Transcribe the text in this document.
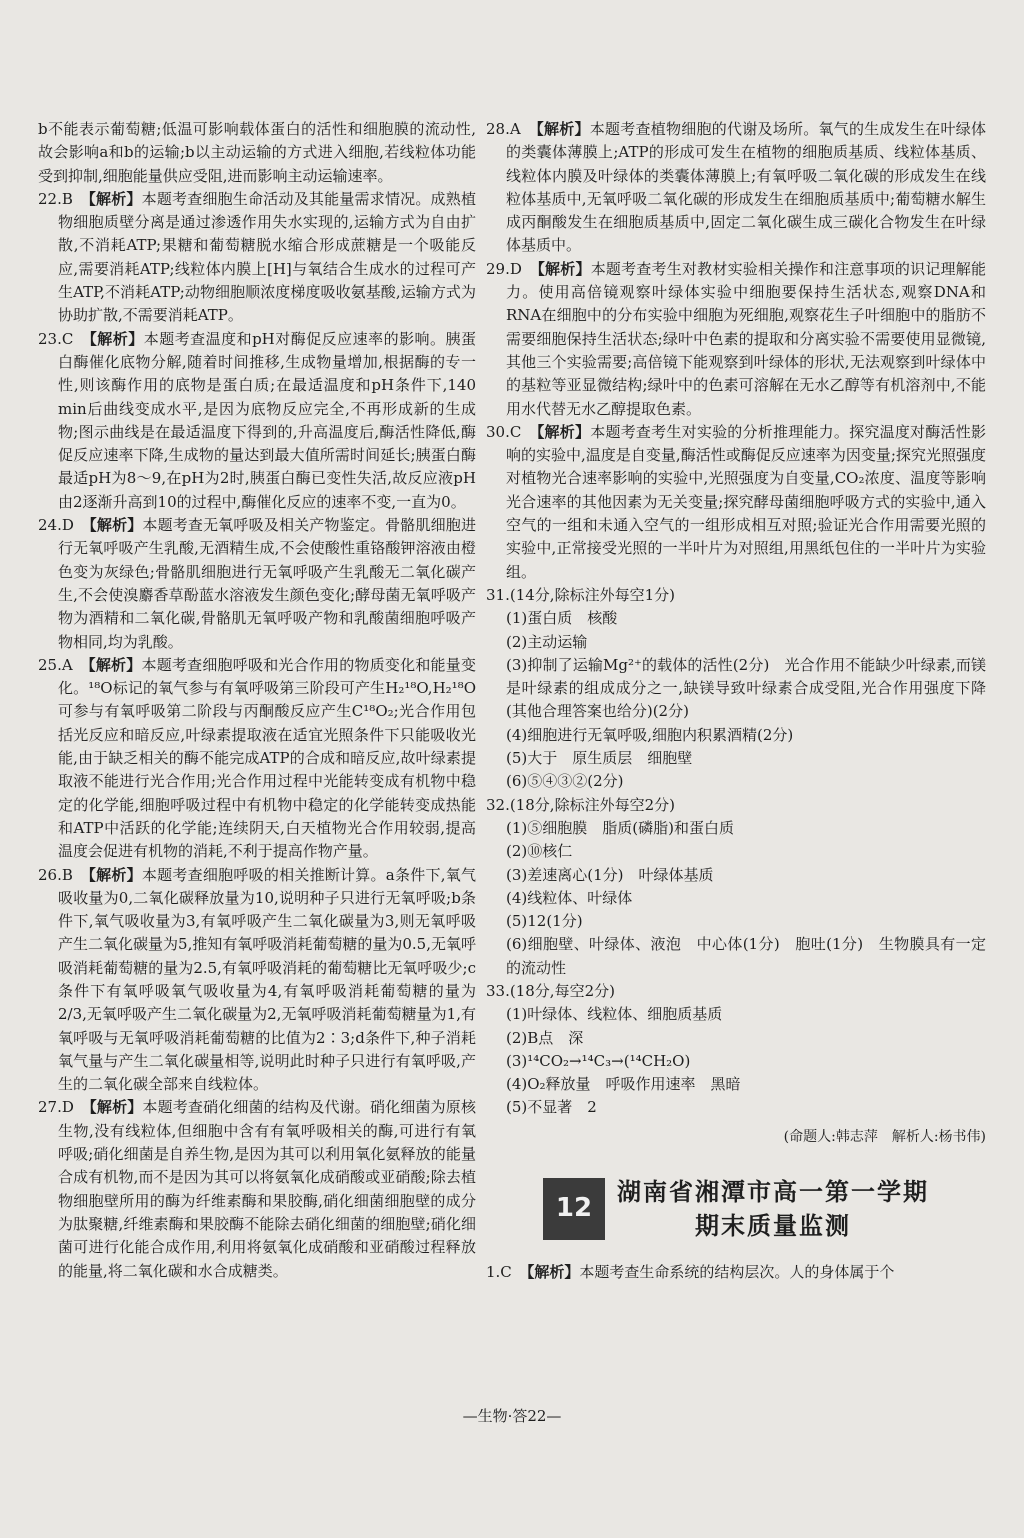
b不能表示葡萄糖;低温可影响载体蛋白的活性和细胞膜的流动性,故会影响a和b的运输;b以主动运输的方式进入细胞,若线粒体功能受到抑制,细胞能量供应受阻,进而影响主动运输速率。

22.B　 【解析】本题考查细胞生命活动及其能量需求情况。成熟植物细胞质壁分离是通过渗透作用失水实现的,运输方式为自由扩散,不消耗ATP;果糖和葡萄糖脱水缩合形成蔗糖是一个吸能反应,需要消耗ATP;线粒体内膜上[H]与氧结合生成水的过程可产生ATP,不消耗ATP;动物细胞顺浓度梯度吸收氨基酸,运输方式为协助扩散,不需要消耗ATP。

23.C　 【解析】本题考查温度和pH对酶促反应速率的影响。胰蛋白酶催化底物分解,随着时间推移,生成物量增加,根据酶的专一性,则该酶作用的底物是蛋白质;在最适温度和pH条件下,140 min后曲线变成水平,是因为底物反应完全,不再形成新的生成物;图示曲线是在最适温度下得到的,升高温度后,酶活性降低,酶促反应速率下降,生成物的量达到最大值所需时间延长;胰蛋白酶最适pH为8～9,在pH为2时,胰蛋白酶已变性失活,故反应液pH由2逐渐升高到10的过程中,酶催化反应的速率不变,一直为0。

24.D　 【解析】本题考查无氧呼吸及相关产物鉴定。骨骼肌细胞进行无氧呼吸产生乳酸,无酒精生成,不会使酸性重铬酸钾溶液由橙色变为灰绿色;骨骼肌细胞进行无氧呼吸产生乳酸无二氧化碳产生,不会使溴麝香草酚蓝水溶液发生颜色变化;酵母菌无氧呼吸产物为酒精和二氧化碳,骨骼肌无氧呼吸产物和乳酸菌细胞呼吸产物相同,均为乳酸。

25.A　 【解析】本题考查细胞呼吸和光合作用的物质变化和能量变化。¹⁸O标记的氧气参与有氧呼吸第三阶段可产生H₂¹⁸O,H₂¹⁸O可参与有氧呼吸第二阶段与丙酮酸反应产生C¹⁸O₂;光合作用包括光反应和暗反应,叶绿素提取液在适宜光照条件下只能吸收光能,由于缺乏相关的酶不能完成ATP的合成和暗反应,故叶绿素提取液不能进行光合作用;光合作用过程中光能转变成有机物中稳定的化学能,细胞呼吸过程中有机物中稳定的化学能转变成热能和ATP中活跃的化学能;连续阴天,白天植物光合作用较弱,提高温度会促进有机物的消耗,不利于提高作物产量。

26.B　 【解析】本题考查细胞呼吸的相关推断计算。a条件下,氧气吸收量为0,二氧化碳释放量为10,说明种子只进行无氧呼吸;b条件下,氧气吸收量为3,有氧呼吸产生二氧化碳量为3,则无氧呼吸产生二氧化碳量为5,推知有氧呼吸消耗葡萄糖的量为0.5,无氧呼吸消耗葡萄糖的量为2.5,有氧呼吸消耗的葡萄糖比无氧呼吸少;c条件下有氧呼吸氧气吸收量为4,有氧呼吸消耗葡萄糖的量为2/3,无氧呼吸产生二氧化碳量为2,无氧呼吸消耗葡萄糖量为1,有氧呼吸与无氧呼吸消耗葡萄糖的比值为2∶3;d条件下,种子消耗氧气量与产生二氧化碳量相等,说明此时种子只进行有氧呼吸,产生的二氧化碳全部来自线粒体。

27.D　 【解析】本题考查硝化细菌的结构及代谢。硝化细菌为原核生物,没有线粒体,但细胞中含有有氧呼吸相关的酶,可进行有氧呼吸;硝化细菌是自养生物,是因为其可以利用氧化氨释放的能量合成有机物,而不是因为其可以将氨氧化成硝酸或亚硝酸;除去植物细胞壁所用的酶为纤维素酶和果胶酶,硝化细菌细胞壁的成分为肽聚糖,纤维素酶和果胶酶不能除去硝化细菌的细胞壁;硝化细菌可进行化能合成作用,利用将氨氧化成硝酸和亚硝酸过程释放的能量,将二氧化碳和水合成糖类。

28.A　 【解析】本题考查植物细胞的代谢及场所。氧气的生成发生在叶绿体的类囊体薄膜上;ATP的形成可发生在植物的细胞质基质、线粒体基质、线粒体内膜及叶绿体的类囊体薄膜上;有氧呼吸二氧化碳的形成发生在线粒体基质中,无氧呼吸二氧化碳的形成发生在细胞质基质中;葡萄糖水解生成丙酮酸发生在细胞质基质中,固定二氧化碳生成三碳化合物发生在叶绿体基质中。

29.D　 【解析】本题考查考生对教材实验相关操作和注意事项的识记理解能力。使用高倍镜观察叶绿体实验中细胞要保持生活状态,观察DNA和RNA在细胞中的分布实验中细胞为死细胞,观察花生子叶细胞中的脂肪不需要细胞保持生活状态;绿叶中色素的提取和分离实验不需要使用显微镜,其他三个实验需要;高倍镜下能观察到叶绿体的形状,无法观察到叶绿体中的基粒等亚显微结构;绿叶中的色素可溶解在无水乙醇等有机溶剂中,不能用水代替无水乙醇提取色素。

30.C　 【解析】本题考查考生对实验的分析推理能力。探究温度对酶活性影响的实验中,温度是自变量,酶活性或酶促反应速率为因变量;探究光照强度对植物光合速率影响的实验中,光照强度为自变量,CO₂浓度、温度等影响光合速率的其他因素为无关变量;探究酵母菌细胞呼吸方式的实验中,通入空气的一组和未通入空气的一组形成相互对照;验证光合作用需要光照的实验中,正常接受光照的一半叶片为对照组,用黑纸包住的一半叶片为实验组。

31.(14分,除标注外每空1分)

(1)蛋白质　核酸

(2)主动运输

(3)抑制了运输Mg²⁺的载体的活性(2分)　光合作用不能缺少叶绿素,而镁是叶绿素的组成成分之一,缺镁导致叶绿素合成受阻,光合作用强度下降(其他合理答案也给分)(2分)

(4)细胞进行无氧呼吸,细胞内积累酒精(2分)

(5)大于　原生质层　细胞壁

(6)⑤④③②(2分)

32.(18分,除标注外每空2分)

(1)⑤细胞膜　脂质(磷脂)和蛋白质

(2)⑩核仁

(3)差速离心(1分)　叶绿体基质

(4)线粒体、叶绿体

(5)12(1分)

(6)细胞壁、叶绿体、液泡　中心体(1分)　胞吐(1分)　生物膜具有一定的流动性

33.(18分,每空2分)

(1)叶绿体、线粒体、细胞质基质

(2)B点　深

(3)¹⁴CO₂→¹⁴C₃→(¹⁴CH₂O)

(4)O₂释放量　呼吸作用速率　黑暗

(5)不显著　2

(命题人:韩志萍　解析人:杨书伟)

12
湖南省湘潭市高一第一学期
期末质量监测

1.C　 【解析】本题考查生命系统的结构层次。人的身体属于个

—生物·答22—
